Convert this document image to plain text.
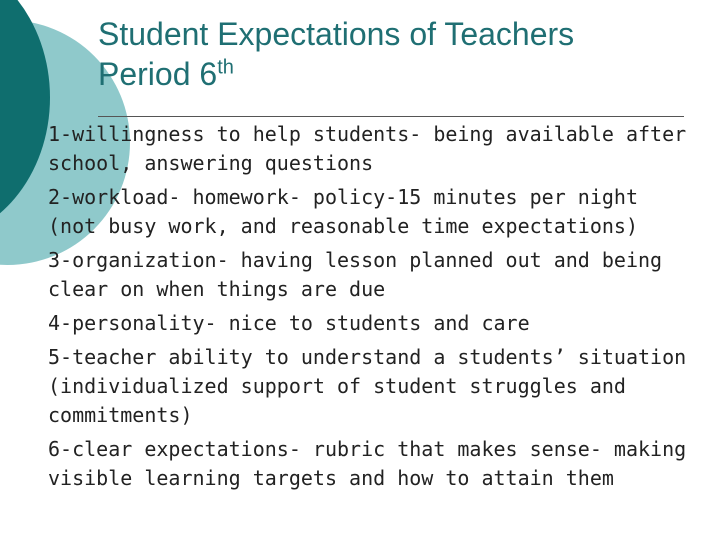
Student Expectations of Teachers
Period 6th
1-willingness to help students- being available after
school, answering questions
2-workload- homework- policy-15 minutes per night
(not busy work, and reasonable time expectations)
3-organization- having lesson planned out and being
clear on when things are due
4-personality- nice to students and care
5-teacher ability to understand a students’ situation
(individualized support of student struggles and
commitments)
6-clear expectations- rubric that makes sense- making
visible learning targets and how to attain them
